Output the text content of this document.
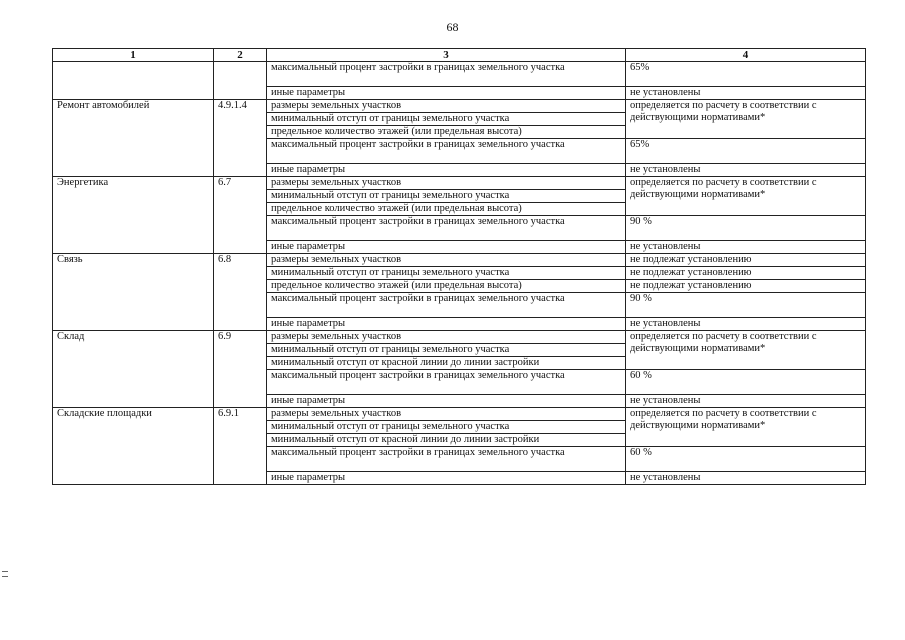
68
1	2	3	4
		максимальный процент застройки в границах земельного участка	65%
		иные параметры	не установлены
Ремонт автомобилей	4.9.1.4	размеры земельных участков	определяется по расчету в соответствии с действующими нормативами*
		минимальный отступ от границы земельного участка	
		предельное количество этажей (или предельная высота)	
		максимальный процент застройки в границах земельного участка	65%
		иные параметры	не установлены
Энергетика	6.7	размеры земельных участков	определяется по расчету в соответствии с действующими нормативами*
		минимальный отступ от границы земельного участка	
		предельное количество этажей (или предельная высота)	
		максимальный процент застройки в границах земельного участка	90 %
		иные параметры	не установлены
Связь	6.8	размеры земельных участков	не подлежат установлению
		минимальный отступ от границы земельного участка	не подлежат установлению
		предельное количество этажей (или предельная высота)	не подлежат установлению
		максимальный процент застройки в границах земельного участка	90 %
		иные параметры	не установлены
Склад	6.9	размеры земельных участков	определяется по расчету в соответствии с действующими нормативами*
		минимальный отступ от границы земельного участка	
		минимальный отступ от красной линии до линии застройки	
		максимальный процент застройки в границах земельного участка	60 %
		иные параметры	не установлены
Складские площадки	6.9.1	размеры земельных участков	определяется по расчету в соответствии с действующими нормативами*
		минимальный отступ от границы земельного участка	
		минимальный отступ от красной линии до линии застройки	
		максимальный процент застройки в границах земельного участка	60 %
		иные параметры	не установлены
